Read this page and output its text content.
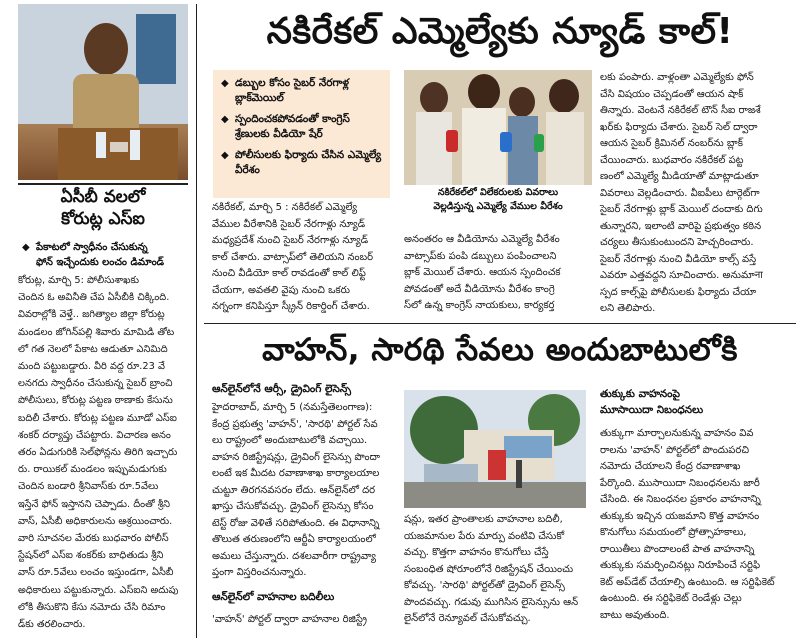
ఏసీబీ వలలో
కోరుట్ల ఎస్ఐ
◆ పేకాటలో స్వాధీనం చేసుకున్న
ఫోన్ ఇచ్చేందుకు లంచం డిమాండ్
కోరుట్ల, మార్చి 5: పోలీసుశాఖకు
చెందిన ఓ అవినీతి చేప ఏసీబీకి చిక్కింది.
వివరాల్లోకి వెళ్తే.. జగిత్యాల జిల్లా కోరుట్ల
మండలం జోగిన్‌పల్లి శివారు మామిడి తోట
లో గత నెలలో పేకాట ఆడుతూ ఎనిమిది
మంది పట్టుబడ్డారు. వీరి వద్ద రూ.23 వే
లనగదు స్వాధీనం చేసుకున్న సైబర్ బ్రాంచి
పోలీసులు, కోరుట్ల పట్టణ ఠాణాకు కేసును
బదిలీ చేశారు. కోరుట్ల పట్టణ మూడో ఎస్‌ఐ
శంకర్ దర్యాప్తు చేపట్టారు. విచారణ అనం
తరం ఏడుగురికి సెల్‌ఫోన్లను తిరిగి ఇచ్చారు
రు. రాయికల్ మండలం ఇప్పుమడుగుకు
చెందిన బండారి శ్రీనివాస్‌కు రూ.5వేలు
ఇస్తేనే ఫోన్ ఇస్తానని చెప్పాడు. దీంతో శ్రీని
వాస్, ఏసీబీ అధికారులను ఆశ్రయించారు.
వారి సూచనల మేరకు బుధవారం పోలీస్
స్టేషన్‌లో ఎస్‌ఐ శంకర్‌కు బాధితుడు శ్రీని
వాస్ రూ.5వేలు లంచం ఇస్తుండగా, ఏసీబీ
అధికారులు పట్టుకున్నారు. ఎస్‌ఐని అదుపు
లోకి తీసుకొని కేసు నమోదు చేసి రిమాం
డ్‌కు తరలించారు.
నకిరేకల్ ఎమ్మెల్యేకు న్యూడ్ కాల్!
◆ డబ్బుల కోసం సైబర్ నేరగాళ్ల బ్లాక్‌మెయిల్
◆ స్పందించకపోవడంతో కాంగ్రెస్ శ్రేణులకు వీడియో షేర్
◆ పోలీసులకు ఫిర్యాదు చేసిన ఎమ్మెల్యే వీరేశం
నకిరేకల్‌లో విలేకరులకు వివరాలు
వెల్లడిస్తున్న ఎమ్మెల్యే వేముల వీరేశం
నకిరేకల్, మార్చి 5 : నకిరేకల్ ఎమ్మెల్యే
వేముల వీరేశానికి సైబర్ నేరగాళ్లు న్యూడ్
మధ్యప్రదేశ్ నుంచి సైబర్ నేరగాళ్లు న్యూడ్
కాల్ చేశారు. వాట్సాప్‌లో తెలియని నంబర్
నుంచి వీడియో కాల్ రావడంతో కాల్ లిఫ్ట్
చేయగా, అవతలి వైపు నుంచి ఒకరు
నగ్నంగా కనిపిస్తూ స్క్రీన్ రికార్డింగ్ చేశారు.
అనంతరం ఆ వీడియోను ఎమ్మెల్యే వీరేశం
వాట్సాప్‌కు పంపి డబ్బులు పంపించాలని
బ్లాక్ మెయిల్ చేశారు. ఆయన స్పందించక
పోవడంతో అదే వీడియోను వీరేశం కాంగ్రె
స్‌లో ఉన్న కాంగ్రెస్ నాయకులు, కార్యకర్త
లకు పంపారు. వాళ్లంతా ఎమ్మెల్యేకు ఫోన్
చేసి విషయం చెప్పడంతో ఆయన షాక్
తిన్నారు. వెంటనే నకిరేకల్ టౌన్ సీఐ రాజశే
ఖర్‌కు ఫిర్యాదు చేశారు. సైబర్ సెల్ ద్వారా
ఆయన సైబర్ క్రిమినల్ నంబర్‌ను బ్లాక్
చేయించారు. బుధవారం నకిరేకల్ పట్ట
ణంలో ఎమ్మెల్యే మీడియాతో మాట్లాడుతూ
వివరాలు వెల్లడించారు. వీఐపీలు టార్గెట్‌గా
సైబర్ నేరగాళ్లు బ్లాక్ మెయిల్ దందాకు దిగు
తున్నారని, ఇలాంటి వారిపై ప్రభుత్వం కఠిన
చర్యలు తీసుకుంటుందని హెచ్చరించారు.
సైబర్ నేరగాళ్లు నుంచి వీడియో కాల్స్ వస్తే
ఎవరూ ఎత్తవద్దని సూచించారు. అనుమాना
స్పద కాల్స్‌పై పోలీసులకు ఫిర్యాదు చేయా
లని తెలిపారు.
వాహన్, సారథి సేవలు అందుబాటులోకి
ఆన్‌లైన్‌లోనే ఆర్సీ, డ్రైవింగ్ లైసెన్స్
హైదరాబాద్, మార్చి 5 (నమస్తేతెలంగాణ):
కేంద్ర ప్రభుత్వ 'వాహన్', 'సారథి' పోర్టల్ సేవ
లు రాష్ట్రంలో అందుబాటులోకి వచ్చాయి.
వాహన రిజిస్ట్రేషన్లు, డ్రైవింగ్ లైసెన్సు పొందా
లంటే ఇక మీదట రవాణాశాఖ కార్యాలయాల
చుట్టూ తిరగనవసరం లేదు. ఆన్‌లైన్‌లో దర
ఖాస్తు చేసుకోవచ్చు. డ్రైవింగ్ లైసెన్సు కోసం
టెస్ట్ రోజు వెళితే సరిపోతుంది. ఈ విధానాన్ని
తొలుత తరుణంలోని ఆర్టీఏ కార్యాలయంలో
అమలు చేస్తున్నారు. దశలవారీగా రాష్ట్రవ్యా
ప్తంగా విస్తరించనున్నారు.
ఆన్‌లైన్‌లో వాహనాల బదిలీలు
'వాహన్' పోర్టల్ ద్వారా వాహనాల రిజిస్ట్రే
షన్లు, ఇతర ప్రాంతాలకు వాహనాల బదిలీ,
యజమానుల పేరు మార్పు వంటివి చేసుకో
వచ్చు. కొత్తగా వాహనం కొనుగోలు చేస్తే
సంబంధిత షోరూంలోనే రిజిస్ట్రేషన్ చేయించు
కోవచ్చు. 'సారథి' పోర్టల్‌తో డ్రైవింగ్ లైసెన్స్
పొందవచ్చు. గడువు ముగిసిన లైసెన్సును ఆన్
లైన్‌లోనే రెన్యూవల్ చేసుకోవచ్చు.
తుక్కుకు వాహనంపై
మూసాయిదా నిబంధనలు
తుక్కుగా మార్చాలనుకున్న వాహనం వివ
రాలను 'వాహన్' పోర్టల్‌లో పొందుపరచి
నమోదు చేయాలని కేంద్ర రవాణాశాఖ
పేర్కొంది. ముసాయిదా నిబంధనలను జారీ
చేసింది. ఈ నిబంధనల ప్రకారం వాహనాన్ని
తుక్కుకు ఇచ్చిన యజమాని కొత్త వాహనం
కొనుగోలు సమయంలో ప్రోత్సాహకాలు,
రాయితీలు పొందాలంటే పాత వాహనాన్ని
తుక్కుకు సమర్పించినట్లు నిరూపించే సర్టిఫి
కెట్ అప్‌డేట్ చేయాల్సి ఉంటుంది. ఆ సర్టిఫికెట్
ఉంటుంది. ఈ సర్టిఫికెట్ రెండేళ్లు చెల్లు
బాటు అవుతుంది.
